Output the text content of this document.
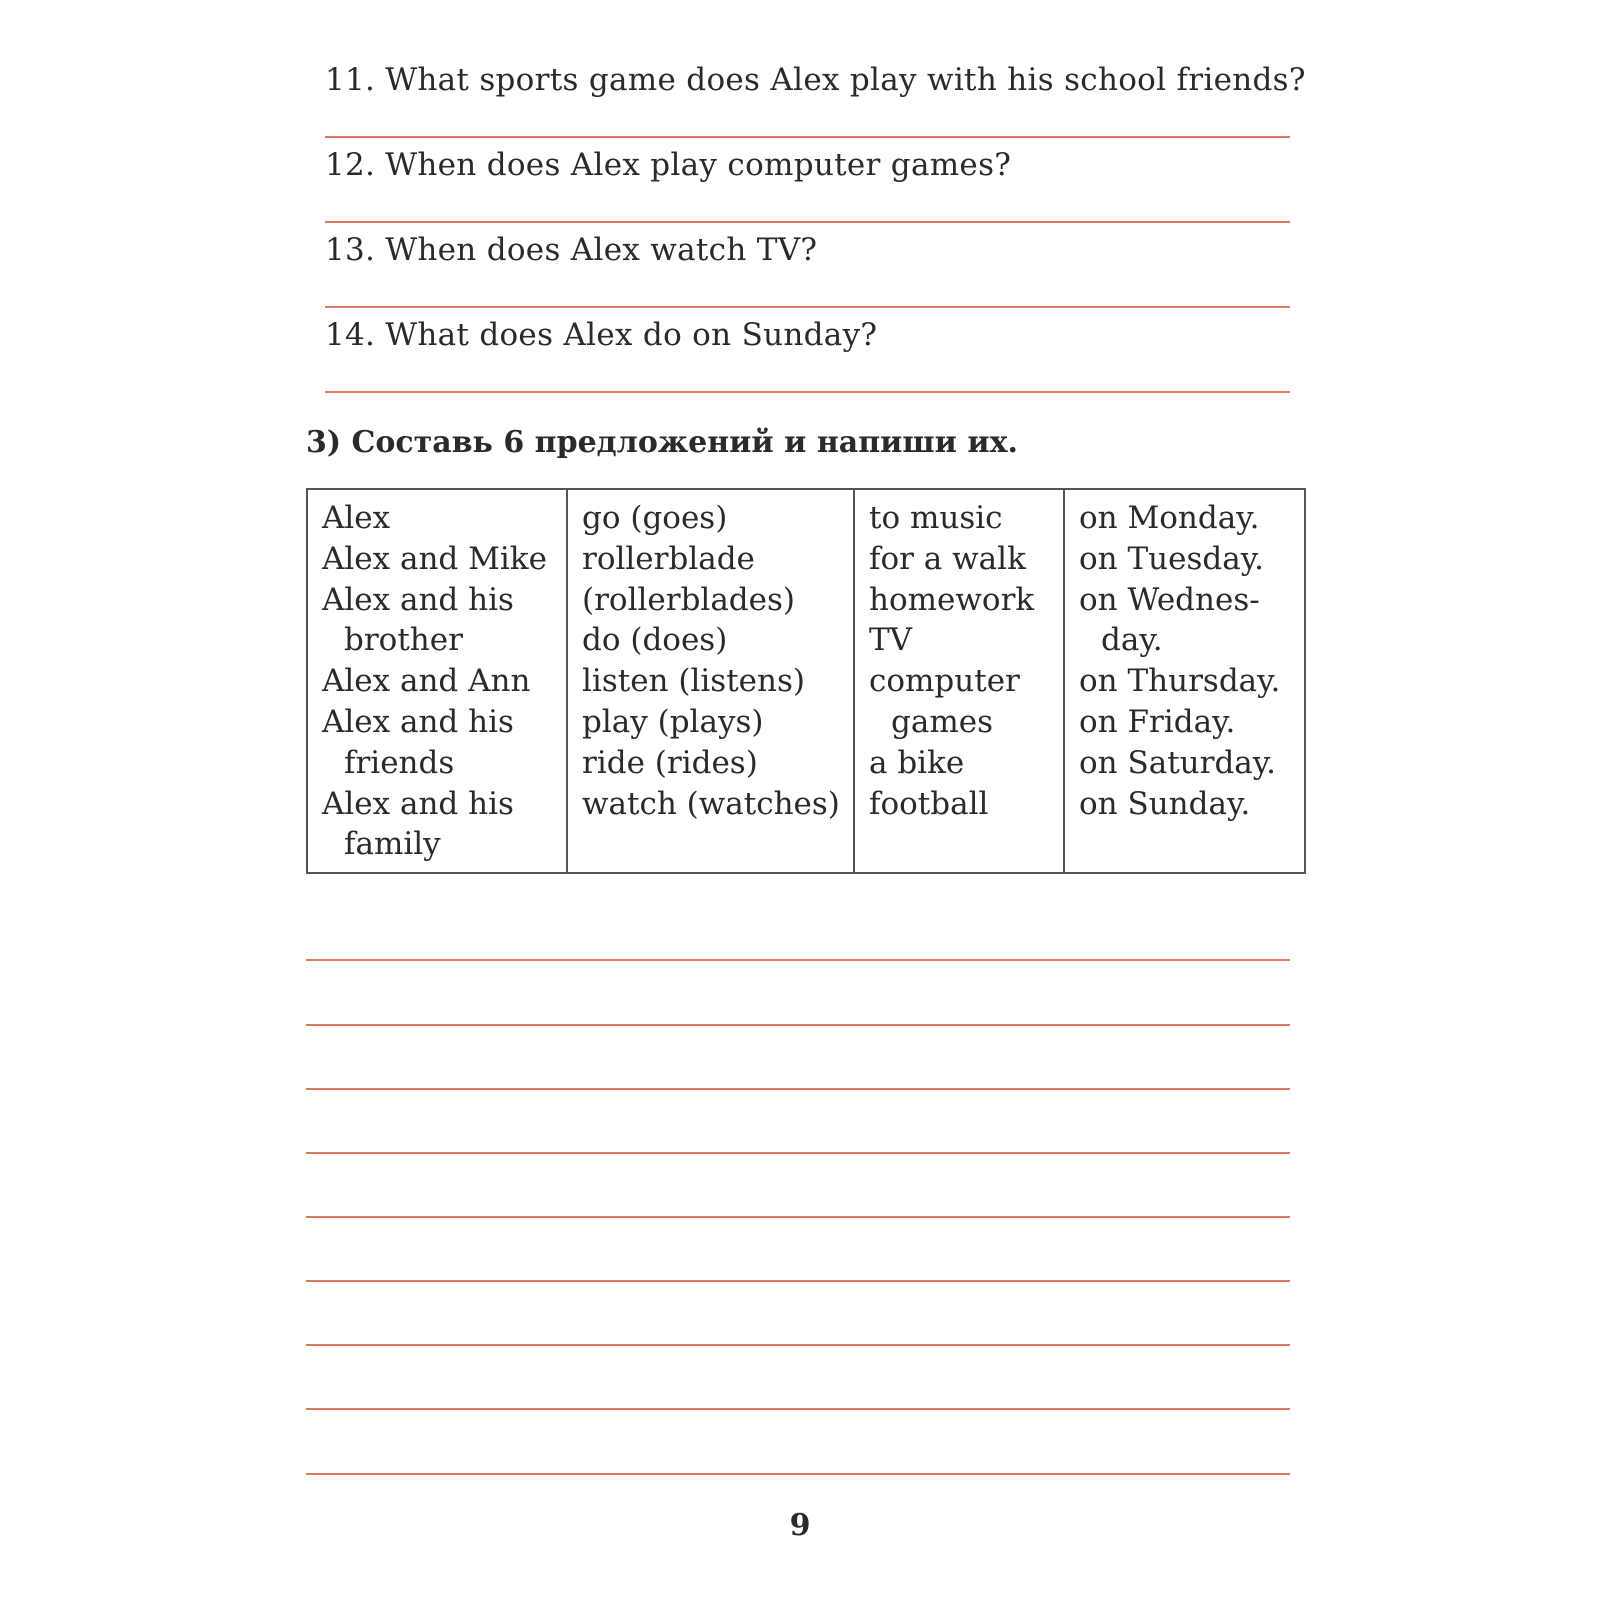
11. What sports game does Alex play with his school friends?
12. When does Alex play computer games?
13. When does Alex watch TV?
14. What does Alex do on Sunday?
3) Составь 6 предложений и напиши их.
Alex
Alex and Mike
Alex and his
brother
Alex and Ann
Alex and his
friends
Alex and his
family
go (goes)
rollerblade
(rollerblades)
do (does)
listen (listens)
play (plays)
ride (rides)
watch (watches)
to music
for a walk
homework
TV
computer
games
a bike
football
on Monday.
on Tuesday.
on Wednes-
day.
on Thursday.
on Friday.
on Saturday.
on Sunday.
9
